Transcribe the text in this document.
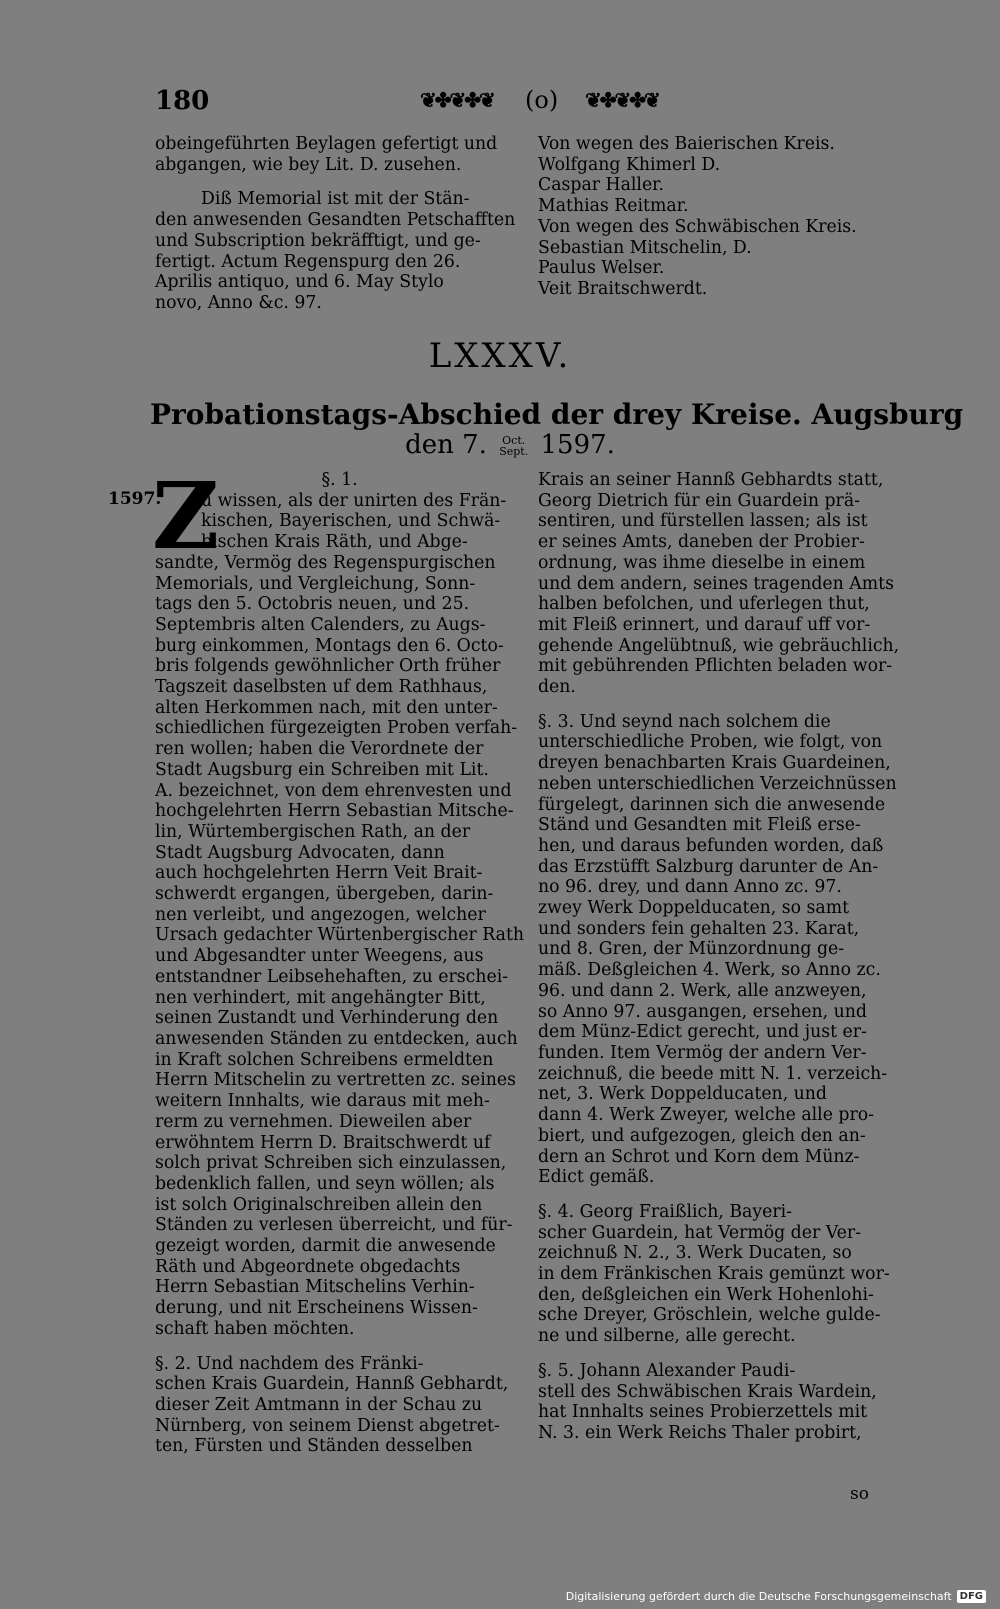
180	❦✤❦✤❦ (o) ❦✤❦✤❦

obeingeführten Beylagen gefertigt und

abgangen, wie bey Lit. D. zusehen.

Diß Memorial ist mit der Stän-

den anwesenden Gesandten Petschafften

und Subscription bekräfftigt, und ge-

fertigt. Actum Regenspurg den 26.

Aprilis antiquo, und 6. May Stylo

novo, Anno &c. 97.

Von wegen des Baierischen Kreis.

Wolfgang Khimerl D.

Caspar Haller.

Mathias Reitmar.

Von wegen des Schwäbischen Kreis.

Sebastian Mitschelin, D.

Paulus Welser.

Veit Braitschwerdt.

LXXXV.
Probationstags-Abschied der drey Kreise. Augsburg
den 7. Oct.
Sept. 1597.
1597.

§. 1.

u wissen, als der unirten des Frän-

kischen, Bayerischen, und Schwä-

bischen Krais Räth, und Abge-

sandte, Vermög des Regenspurgischen

Memorials, und Vergleichung, Sonn-

tags den 5. Octobris neuen, und 25.

Septembris alten Calenders, zu Augs-

burg einkommen, Montags den 6. Octo-

bris folgends gewöhnlicher Orth früher

Tagszeit daselbsten uf dem Rathhaus,

alten Herkommen nach, mit den unter-

schiedlichen fürgezeigten Proben verfah-

ren wollen; haben die Verordnete der

Stadt Augsburg ein Schreiben mit Lit.

A. bezeichnet, von dem ehrenvesten und

hochgelehrten Herrn Sebastian Mitsche-

lin, Würtembergischen Rath, an der

Stadt Augsburg Advocaten, dann

auch hochgelehrten Herrn Veit Brait-

schwerdt ergangen, übergeben, darin-

nen verleibt, und angezogen, welcher

Ursach gedachter Würtenbergischer Rath

und Abgesandter unter Weegens, aus

entstandner Leibsehehaften, zu erschei-

nen verhindert, mit angehängter Bitt,

seinen Zustandt und Verhinderung den

anwesenden Ständen zu entdecken, auch

in Kraft solchen Schreibens ermeldten

Herrn Mitschelin zu vertretten zc. seines

weitern Innhalts, wie daraus mit meh-

rerm zu vernehmen. Dieweilen aber

erwöhntem Herrn D. Braitschwerdt uf

solch privat Schreiben sich einzulassen,

bedenklich fallen, und seyn wöllen; als

ist solch Originalschreiben allein den

Ständen zu verlesen überreicht, und für-

gezeigt worden, darmit die anwesende

Räth und Abgeordnete obgedachts

Herrn Sebastian Mitschelins Verhin-

derung, und nit Erscheinens Wissen-

schaft haben möchten.

§. 2. Und nachdem des Fränki-

schen Krais Guardein, Hannß Gebhardt,

dieser Zeit Amtmann in der Schau zu

Nürnberg, von seinem Dienst abgetret-

ten, Fürsten und Ständen desselben

Z	Krais an seiner Hannß Gebhardts statt,

Georg Dietrich für ein Guardein prä-

sentiren, und fürstellen lassen; als ist

er seines Amts, daneben der Probier-

ordnung, was ihme dieselbe in einem

und dem andern, seines tragenden Amts

halben befolchen, und uferlegen thut,

mit Fleiß erinnert, und darauf uff vor-

gehende Angelübtnuß, wie gebräuchlich,

mit gebührenden Pflichten beladen wor-

den.

§. 3. Und seynd nach solchem die

unterschiedliche Proben, wie folgt, von

dreyen benachbarten Krais Guardeinen,

neben unterschiedlichen Verzeichnüssen

fürgelegt, darinnen sich die anwesende

Ständ und Gesandten mit Fleiß erse-

hen, und daraus befunden worden, daß

das Erzstüfft Salzburg darunter de An-

no 96. drey, und dann Anno zc. 97.

zwey Werk Doppelducaten, so samt

und sonders fein gehalten 23. Karat,

und 8. Gren, der Münzordnung ge-

mäß. Deßgleichen 4. Werk, so Anno zc.

96. und dann 2. Werk, alle anzweyen,

so Anno 97. ausgangen, ersehen, und

dem Münz-Edict gerecht, und just er-

funden. Item Vermög der andern Ver-

zeichnuß, die beede mitt N. 1. verzeich-

net, 3. Werk Doppelducaten, und

dann 4. Werk Zweyer, welche alle pro-

biert, und aufgezogen, gleich den an-

dern an Schrot und Korn dem Münz-

Edict gemäß.

§. 4. Georg Fraißlich, Bayeri-

scher Guardein, hat Vermög der Ver-

zeichnuß N. 2., 3. Werk Ducaten, so

in dem Fränkischen Krais gemünzt wor-

den, deßgleichen ein Werk Hohenlohi-

sche Dreyer, Gröschlein, welche gulde-

ne und silberne, alle gerecht.

§. 5. Johann Alexander Paudi-

stell des Schwäbischen Krais Wardein,

hat Innhalts seines Probierzettels mit

N. 3. ein Werk Reichs Thaler probirt,

so
Digitalisierung gefördert durch die Deutsche Forschungsgemeinschaft DFG
